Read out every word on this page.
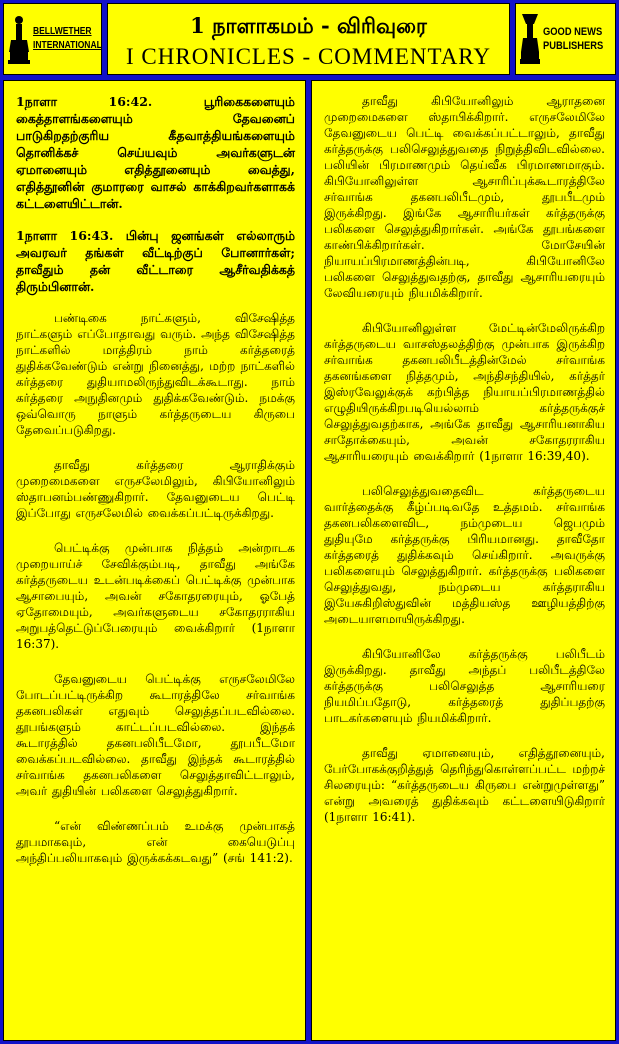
BELLWETHER
INTERNATIONAL
1 நாளாகமம் - விரிவுரை
I CHRONICLES - COMMENTARY
GOOD NEWS
PUBLISHERS

1நாளா 16:42. பூரிகைகளையும் கைத்தாளங்களையும் தேவனைப் பாடுகிறதற்குரிய கீதவாத்தியங்களையும் தொனிக்கச் செய்யவும் அவர்களுடன் ஏமானையும் எதித்தூனையும் வைத்து, எதித்தூனின் குமாரரை வாசல் காக்கிறவர்களாகக் கட்டளையிட்டான்.

1நாளா 16:43. பின்பு ஜனங்கள் எல்லாரும் அவரவர் தங்கள் வீட்டிற்குப் போனார்கள்; தாவீதும் தன் வீட்டாரை ஆசீர்வதிக்கத் திரும்பினான்.

பண்டிகை நாட்களும், விசேஷித்த நாட்களும் எப்போதாவது வரும். அந்த விசேஷித்த நாட்களில் மாத்திரம் நாம் கர்த்தரைத் துதிக்கவேண்டும் என்று நினைத்து, மற்ற நாட்களில் கர்த்தரை துதியாமலிருந்துவிடக்கூடாது. நாம் கர்த்தரை அநுதினமும் துதிக்கவேண்டும். நமக்கு ஒவ்வொரு நாளும் கர்த்தருடைய கிருபை தேவைப்படுகிறது.

தாவீது கர்த்தரை ஆராதிக்கும் முறைமைகளை எருசலேமிலும், கிபியோனிலும் ஸ்தாபனம்பண்ணுகிறார். தேவனுடைய பெட்டி இப்போது எருசலேமில் வைக்கப்பட்டிருக்கிறது.

பெட்டிக்கு முன்பாக நித்தம் அன்றாடக முறையாய்ச் சேவிக்கும்படி, தாவீது அங்கே கர்த்தருடைய உடன்படிக்கைப் பெட்டிக்கு முன்பாக ஆசாபையும், அவன் சகோதரரையும், ஓபேத் ஏதோமையும், அவர்களுடைய சகோதரராகிய அறுபத்தெட்டுப்பேரையும் வைக்கிறார் (1நாளா 16:37).

தேவனுடைய பெட்டிக்கு எருசலேமிலே போடப்பட்டிருக்கிற கூடாரத்திலே சர்வாங்க தகனபலிகள் எதுவும் செலுத்தப்படவில்லை. தூபங்களும் காட்டப்படவில்லை. இந்தக் கூடாரத்தில் தகனபலிபீடமோ, தூபபீடமோ வைக்கப்படவில்லை. தாவீது இந்தக் கூடாரத்தில் சர்வாங்க தகனபலிகளை செலுத்தாவிட்டாலும், அவர் துதியின் பலிகளை செலுத்துகிறார்.

“என் விண்ணப்பம் உமக்கு முன்பாகத் தூபமாகவும், என் கையெடுப்பு அந்திப்பலியாகவும் இருக்கக்கடவது” (சங் 141:2).

தாவீது கிபியோனிலும் ஆராதனை முறைமைகளை ஸ்தாபிக்கிறார். எருசலேமிலே தேவனுடைய பெட்டி வைக்கப்பட்டாலும், தாவீது கர்த்தருக்கு பலிசெலுத்துவதை நிறுத்திவிடவில்லை. பலியின் பிரமாணமும் தெய்வீக பிரமாணமாகும். கிபியோனிலுள்ள ஆசாரிப்புக்கூடாரத்திலே சர்வாங்க தகனபலிபீடமும், தூபபீடமும் இருக்கிறது. இங்கே ஆசாரியர்கள் கர்த்தருக்கு பலிகளை செலுத்துகிறார்கள். அங்கே தூபங்களை காண்பிக்கிறார்கள். மோசேயின் நியாயப்பிரமாணத்தின்படி, கிபியோனிலே பலிகளை செலுத்துவதற்கு, தாவீது ஆசாரியரையும் லேவியரையும் நியமிக்கிறார்.

கிபியோனிலுள்ள மேட்டின்மேலிருக்கிற கர்த்தருடைய வாசஸ்தலத்திற்கு முன்பாக இருக்கிற சர்வாங்க தகனபலிபீடத்தின்மேல் சர்வாங்க தகனங்களை நித்தமும், அந்திசந்தியில், கர்த்தர் இஸ்ரவேலுக்குக் கற்பித்த நியாயப்பிரமாணத்தில் எழுதியிருக்கிறபடியெல்லாம் கர்த்தருக்குச் செலுத்துவதற்காக, அங்கே தாவீது ஆசாரியனாகிய சாதோக்கையும், அவன் சகோதரராகிய ஆசாரியரையும் வைக்கிறார் (1நாளா 16:39,40).

பலிசெலுத்துவதைவிட கர்த்தருடைய வார்த்தைக்கு கீழ்ப்படிவதே உத்தமம். சர்வாங்க தகனபலிகளைவிட, நம்முடைய ஜெபமும் துதியுமே கர்த்தருக்கு பிரியமானது. தாவீதோ கர்த்தரைத் துதிக்கவும் செய்கிறார். அவருக்கு பலிகளையும் செலுத்துகிறார். கர்த்தருக்கு பலிகளை செலுத்துவது, நம்முடைய கர்த்தராகிய இயேசுகிறிஸ்துவின் மத்தியஸ்த ஊழியத்திற்கு அடையாளமாயிருக்கிறது.

கிபியோனிலே கர்த்தருக்கு பலிபீடம் இருக்கிறது. தாவீது அந்தப் பலிபீடத்திலே கர்த்தருக்கு பலிசெலுத்த ஆசாரியரை நியமிப்பதோடு, கர்த்தரைத் துதிப்பதற்கு பாடகர்களையும் நியமிக்கிறார்.

தாவீது ஏமானையும், எதித்தூனையும், பேர்போகக்குறித்துத் தெரிந்துகொள்ளப்பட்ட மற்றச் சிலரையும்: “கர்த்தருடைய கிருபை என்றுமுள்ளது” என்று அவரைத் துதிக்கவும் கட்டளையிடுகிறார் (1நாளா 16:41).
